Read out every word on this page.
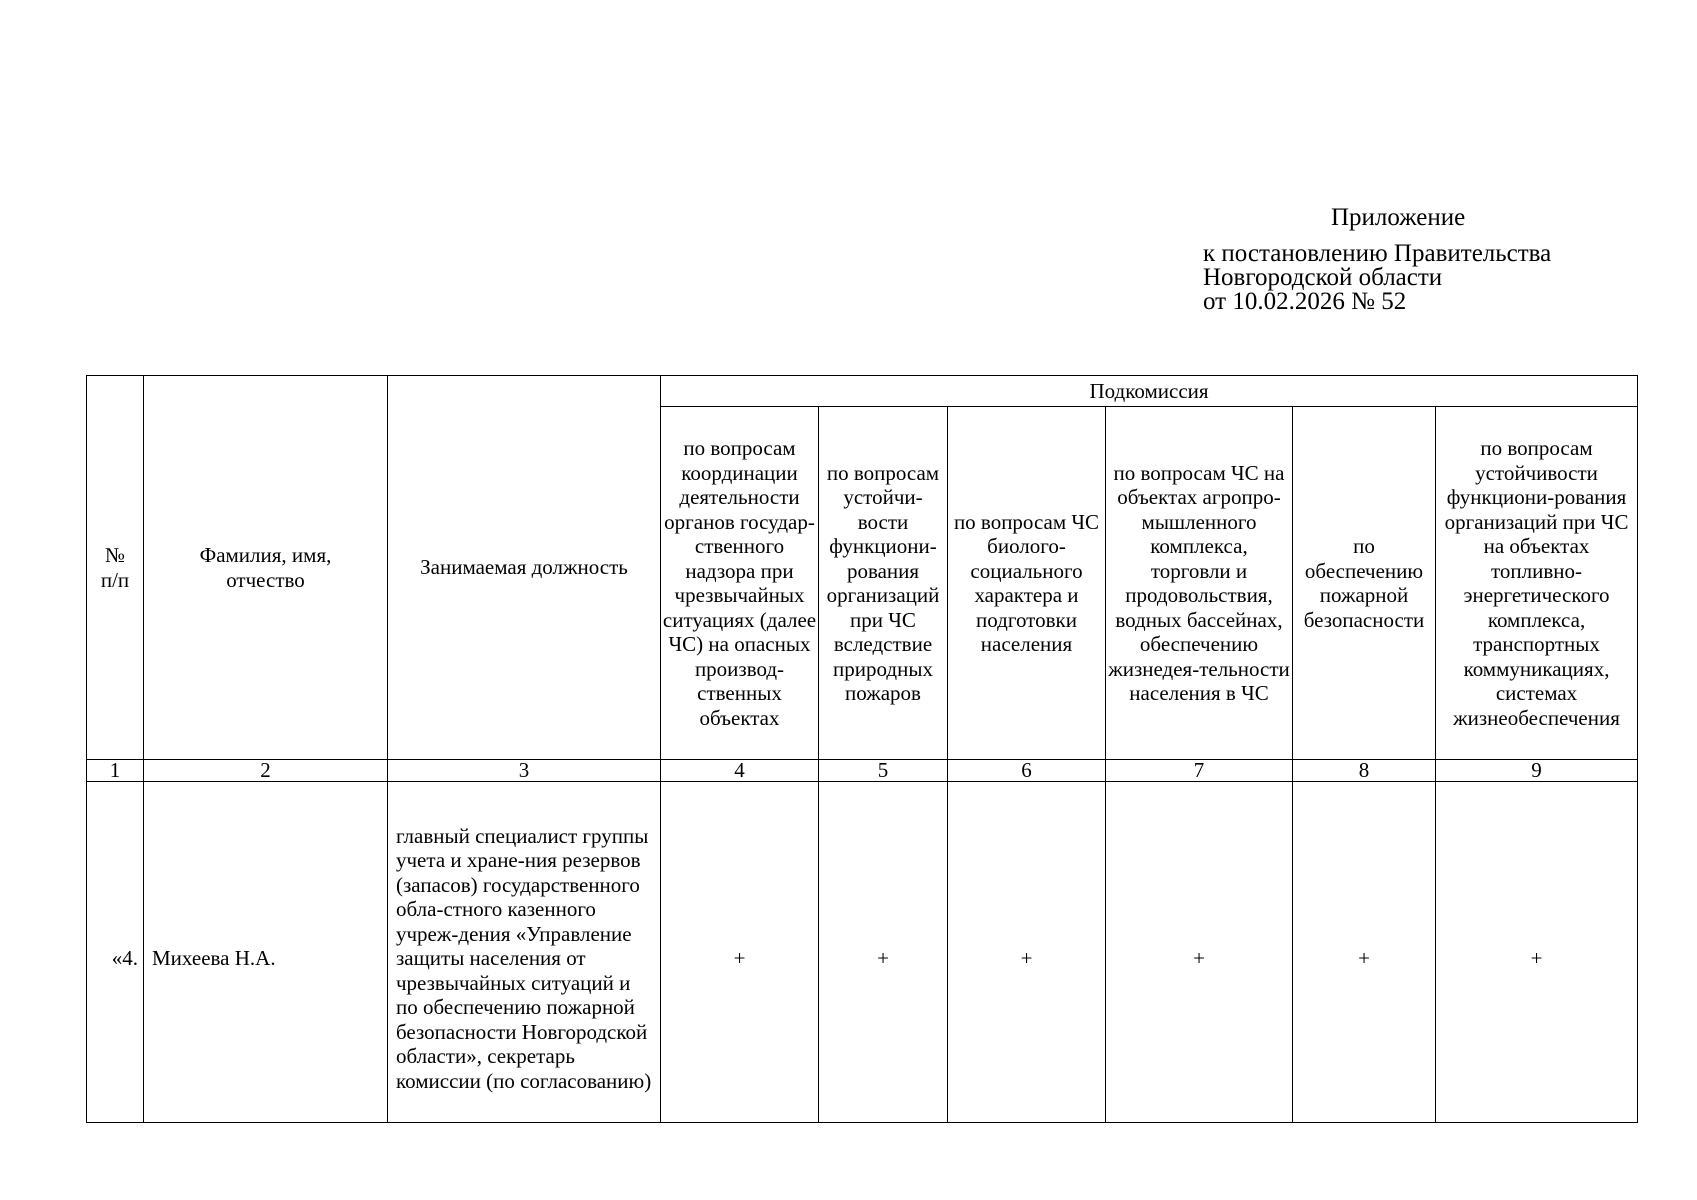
Приложение
к постановлению Правительства
Новгородской области
от 10.02.2026 № 52
№ п/п	Фамилия, имя, отчество	Занимаемая должность	Подкомиссия					
			по вопросам координации деятельности органов государ-ственного надзора при чрезвычайных ситуациях (далее ЧС) на опасных производ-ственных объектах	по вопросам устойчи-вости функциони-рования организаций при ЧС вследствие природных пожаров	по вопросам ЧС биолого-социального характера и подготовки населения	по вопросам ЧС на объектах агропро-мышленного комплекса, торговли и продовольствия, водных бассейнах, обеспечению жизнедея-тельности населения в ЧС	по обеспечению пожарной безопасности	по вопросам устойчивости функциони-рования организаций при ЧС на объектах топливно-энергетического комплекса, транспортных коммуникациях, системах жизнеобеспечения
1	2	3	4	5	6	7	8	9
«4.	Михеева Н.А.	главный специалист группы учета и хране-ния резервов (запасов) государственного обла-стного казенного учреж-дения «Управление защиты населения от чрезвычайных ситуаций и по обеспечению пожарной безопасности Новгородской области», секретарь комиссии (по согласованию)	+	+	+	+	+	+
